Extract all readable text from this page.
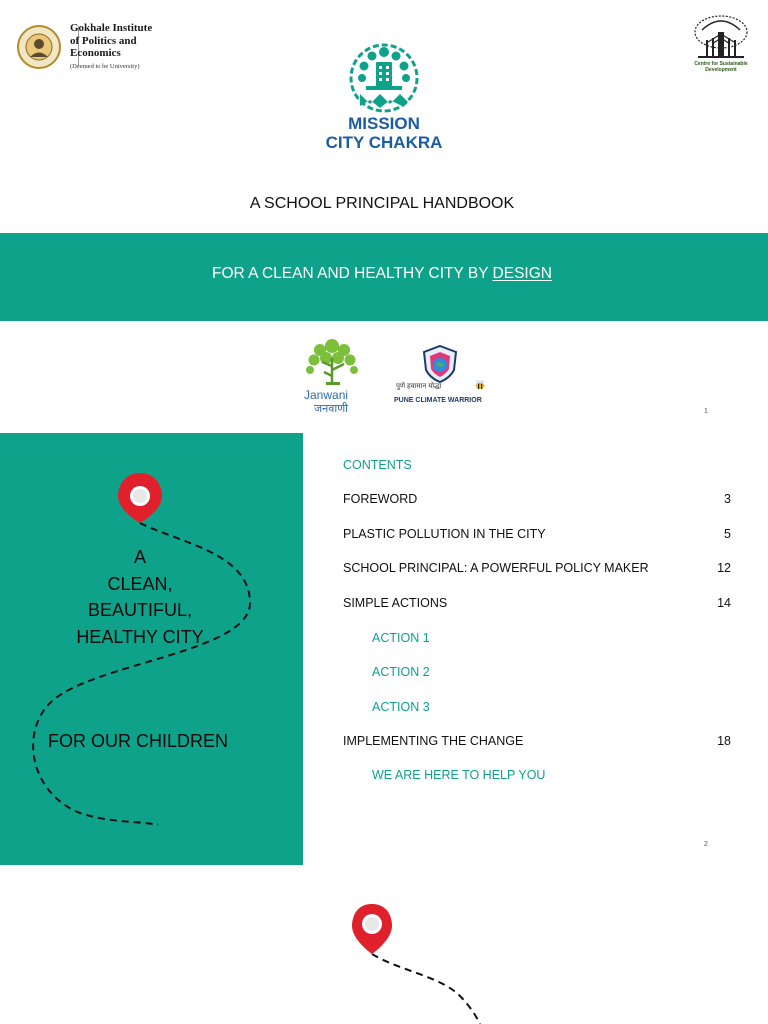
Gokhale Institute
of Politics and
Economics
(Deemed to be University)	Centre for Sustainable Development
MISSION
CITY CHAKRA
A SCHOOL PRINCIPAL HANDBOOK
FOR A CLEAN AND HEALTHY CITY BY DESIGN
Janwani
जनवाणी
पुणे हवामान योद्धा
PUNE CLIMATE WARRIOR
1
A
CLEAN,
BEAUTIFUL,
HEALTHY CITY
FOR OUR CHILDREN
CONTENTS
FOREWORD	3
PLASTIC POLLUTION IN THE CITY	5
SCHOOL PRINCIPAL: A POWERFUL POLICY MAKER	12
SIMPLE ACTIONS	14
ACTION 1
ACTION 2
ACTION 3
IMPLEMENTING THE CHANGE	18
WE ARE HERE TO HELP YOU
2
